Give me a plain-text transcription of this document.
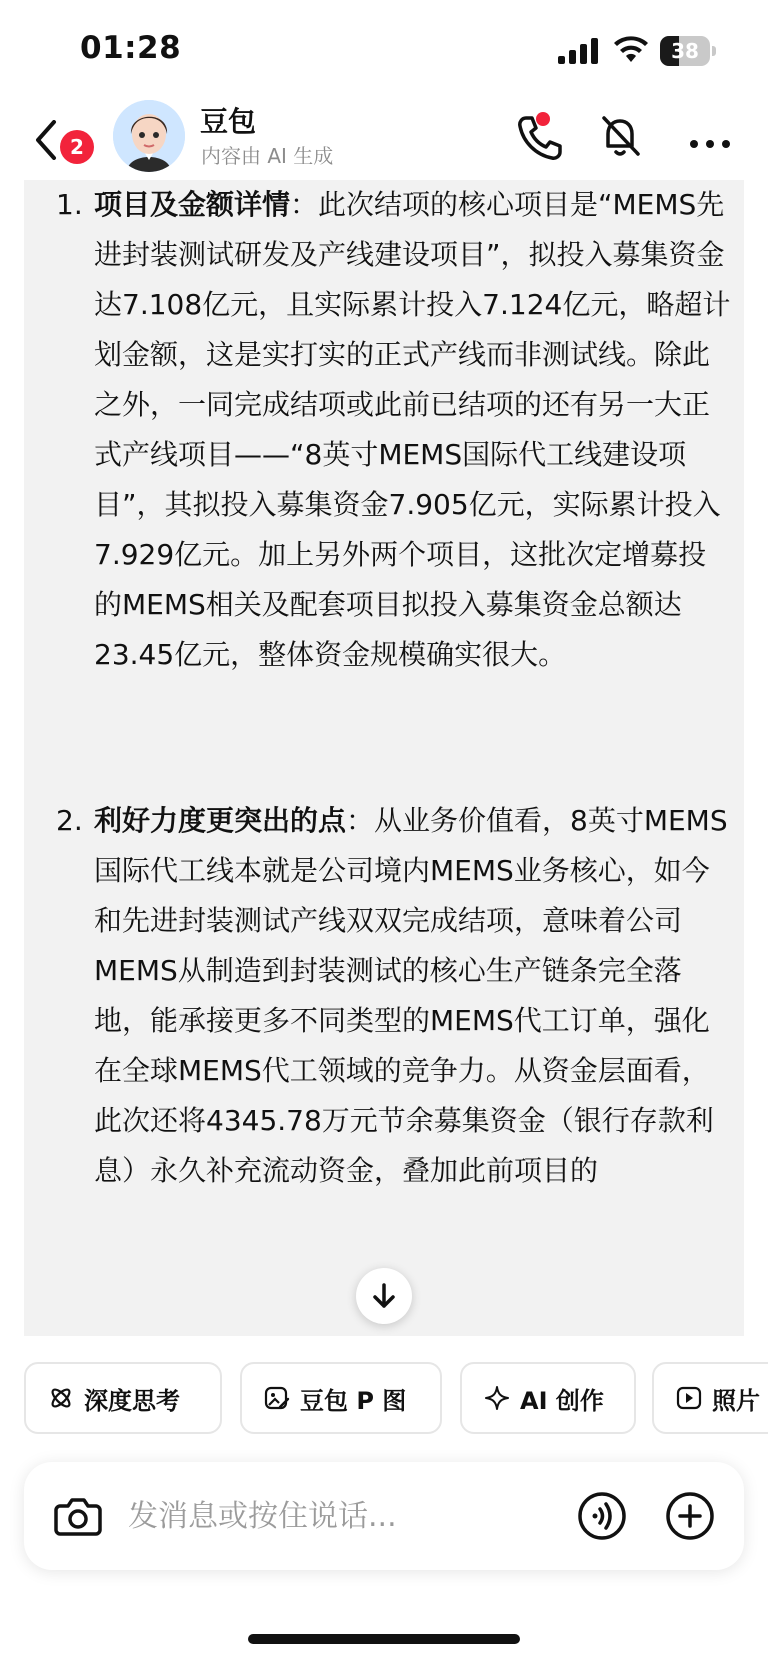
01:28	38
2
豆包
内容由 AI 生成
1. 项目及金额详情：此次结项的核心项目是“MEMS先进封装测试研发及产线建设项目”，拟投入募集资金达7.108亿元，且实际累计投入7.124亿元，略超计划金额，这是实打实的正式产线而非测试线。除此之外，一同完成结项或此前已结项的还有另一大正式产线项目——“8英寸MEMS国际代工线建设项目”，其拟投入募集资金7.905亿元，实际累计投入7.929亿元。加上另外两个项目，这批次定增募投的MEMS相关及配套项目拟投入募集资金总额达23.45亿元，整体资金规模确实很大。
2. 利好力度更突出的点：从业务价值看，8英寸MEMS国际代工线本就是公司境内MEMS业务核心，如今和先进封装测试产线双双完成结项，意味着公司MEMS从制造到封装测试的核心生产链条完全落地，能承接更多不同类型的MEMS代工订单，强化在全球MEMS代工领域的竞争力。从资金层面看，此次还将4345.78万元节余募集资金（银行存款利息）永久补充流动资金，叠加此前项目的
深度思考	豆包 P 图	AI 创作	照片
发消息或按住说话...
